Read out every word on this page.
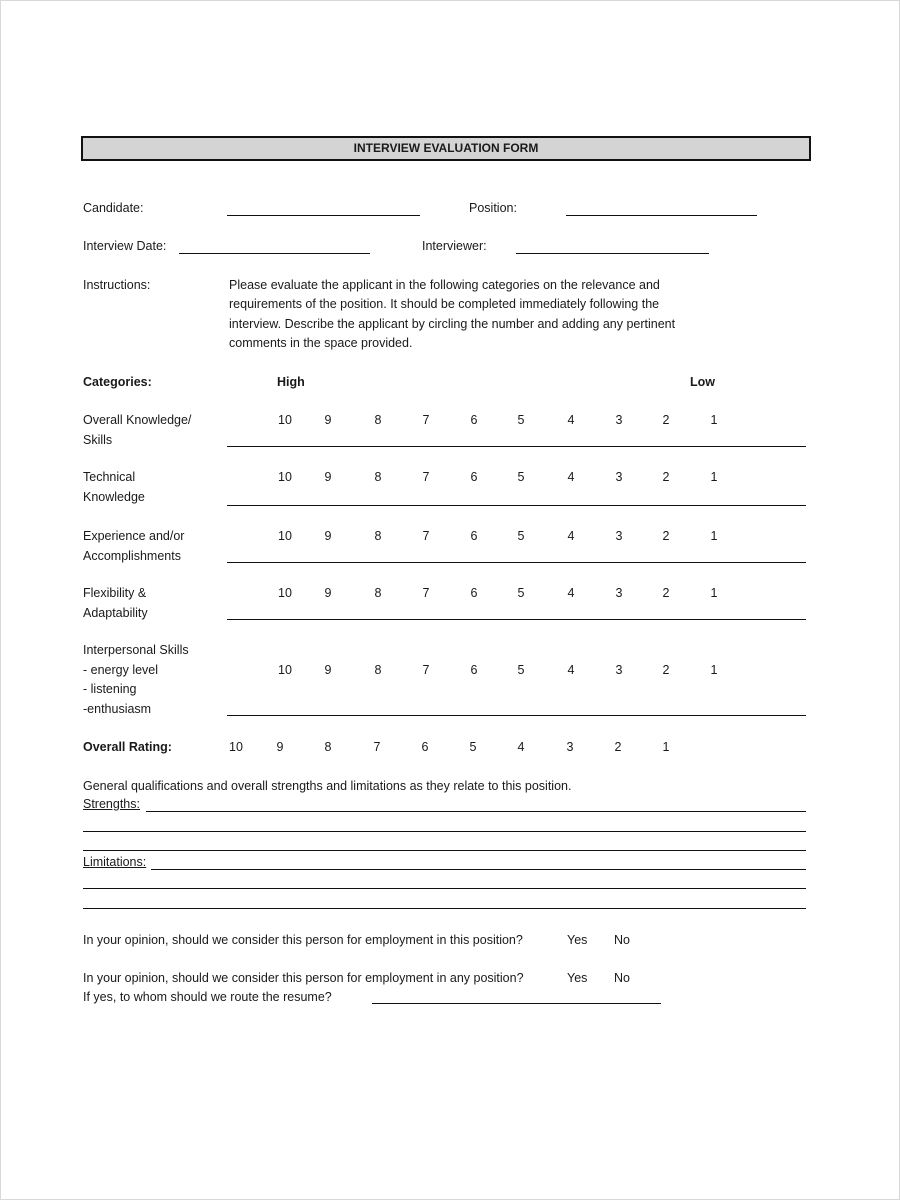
INTERVIEW EVALUATION FORM
Candidate:	Position:
Interview Date:	Interviewer:
Instructions:	Please evaluate the applicant in the following categories on the relevance and
requirements of the position. It should be completed immediately following the
interview. Describe the applicant by circling the number and adding any pertinent
comments in the space provided.
Categories:	High	Low
Overall Knowledge/
Skills
10	9	8	7	6	5	4	3	2	1
Technical
Knowledge
10	9	8	7	6	5	4	3	2	1
Experience and/or
Accomplishments
10	9	8	7	6	5	4	3	2	1
Flexibility &
Adaptability
10	9	8	7	6	5	4	3	2	1
Interpersonal Skills
- energy level
- listening
-enthusiasm
10	9	8	7	6	5	4	3	2	1
Overall Rating:	10	9	8	7	6	5	4	3	2	1
General qualifications and overall strengths and limitations as they relate to this position.
Strengths:
Limitations:
In your opinion, should we consider this person for employment in this position?	Yes No
In your opinion, should we consider this person for employment in any position?	Yes No
If yes, to whom should we route the resume?
